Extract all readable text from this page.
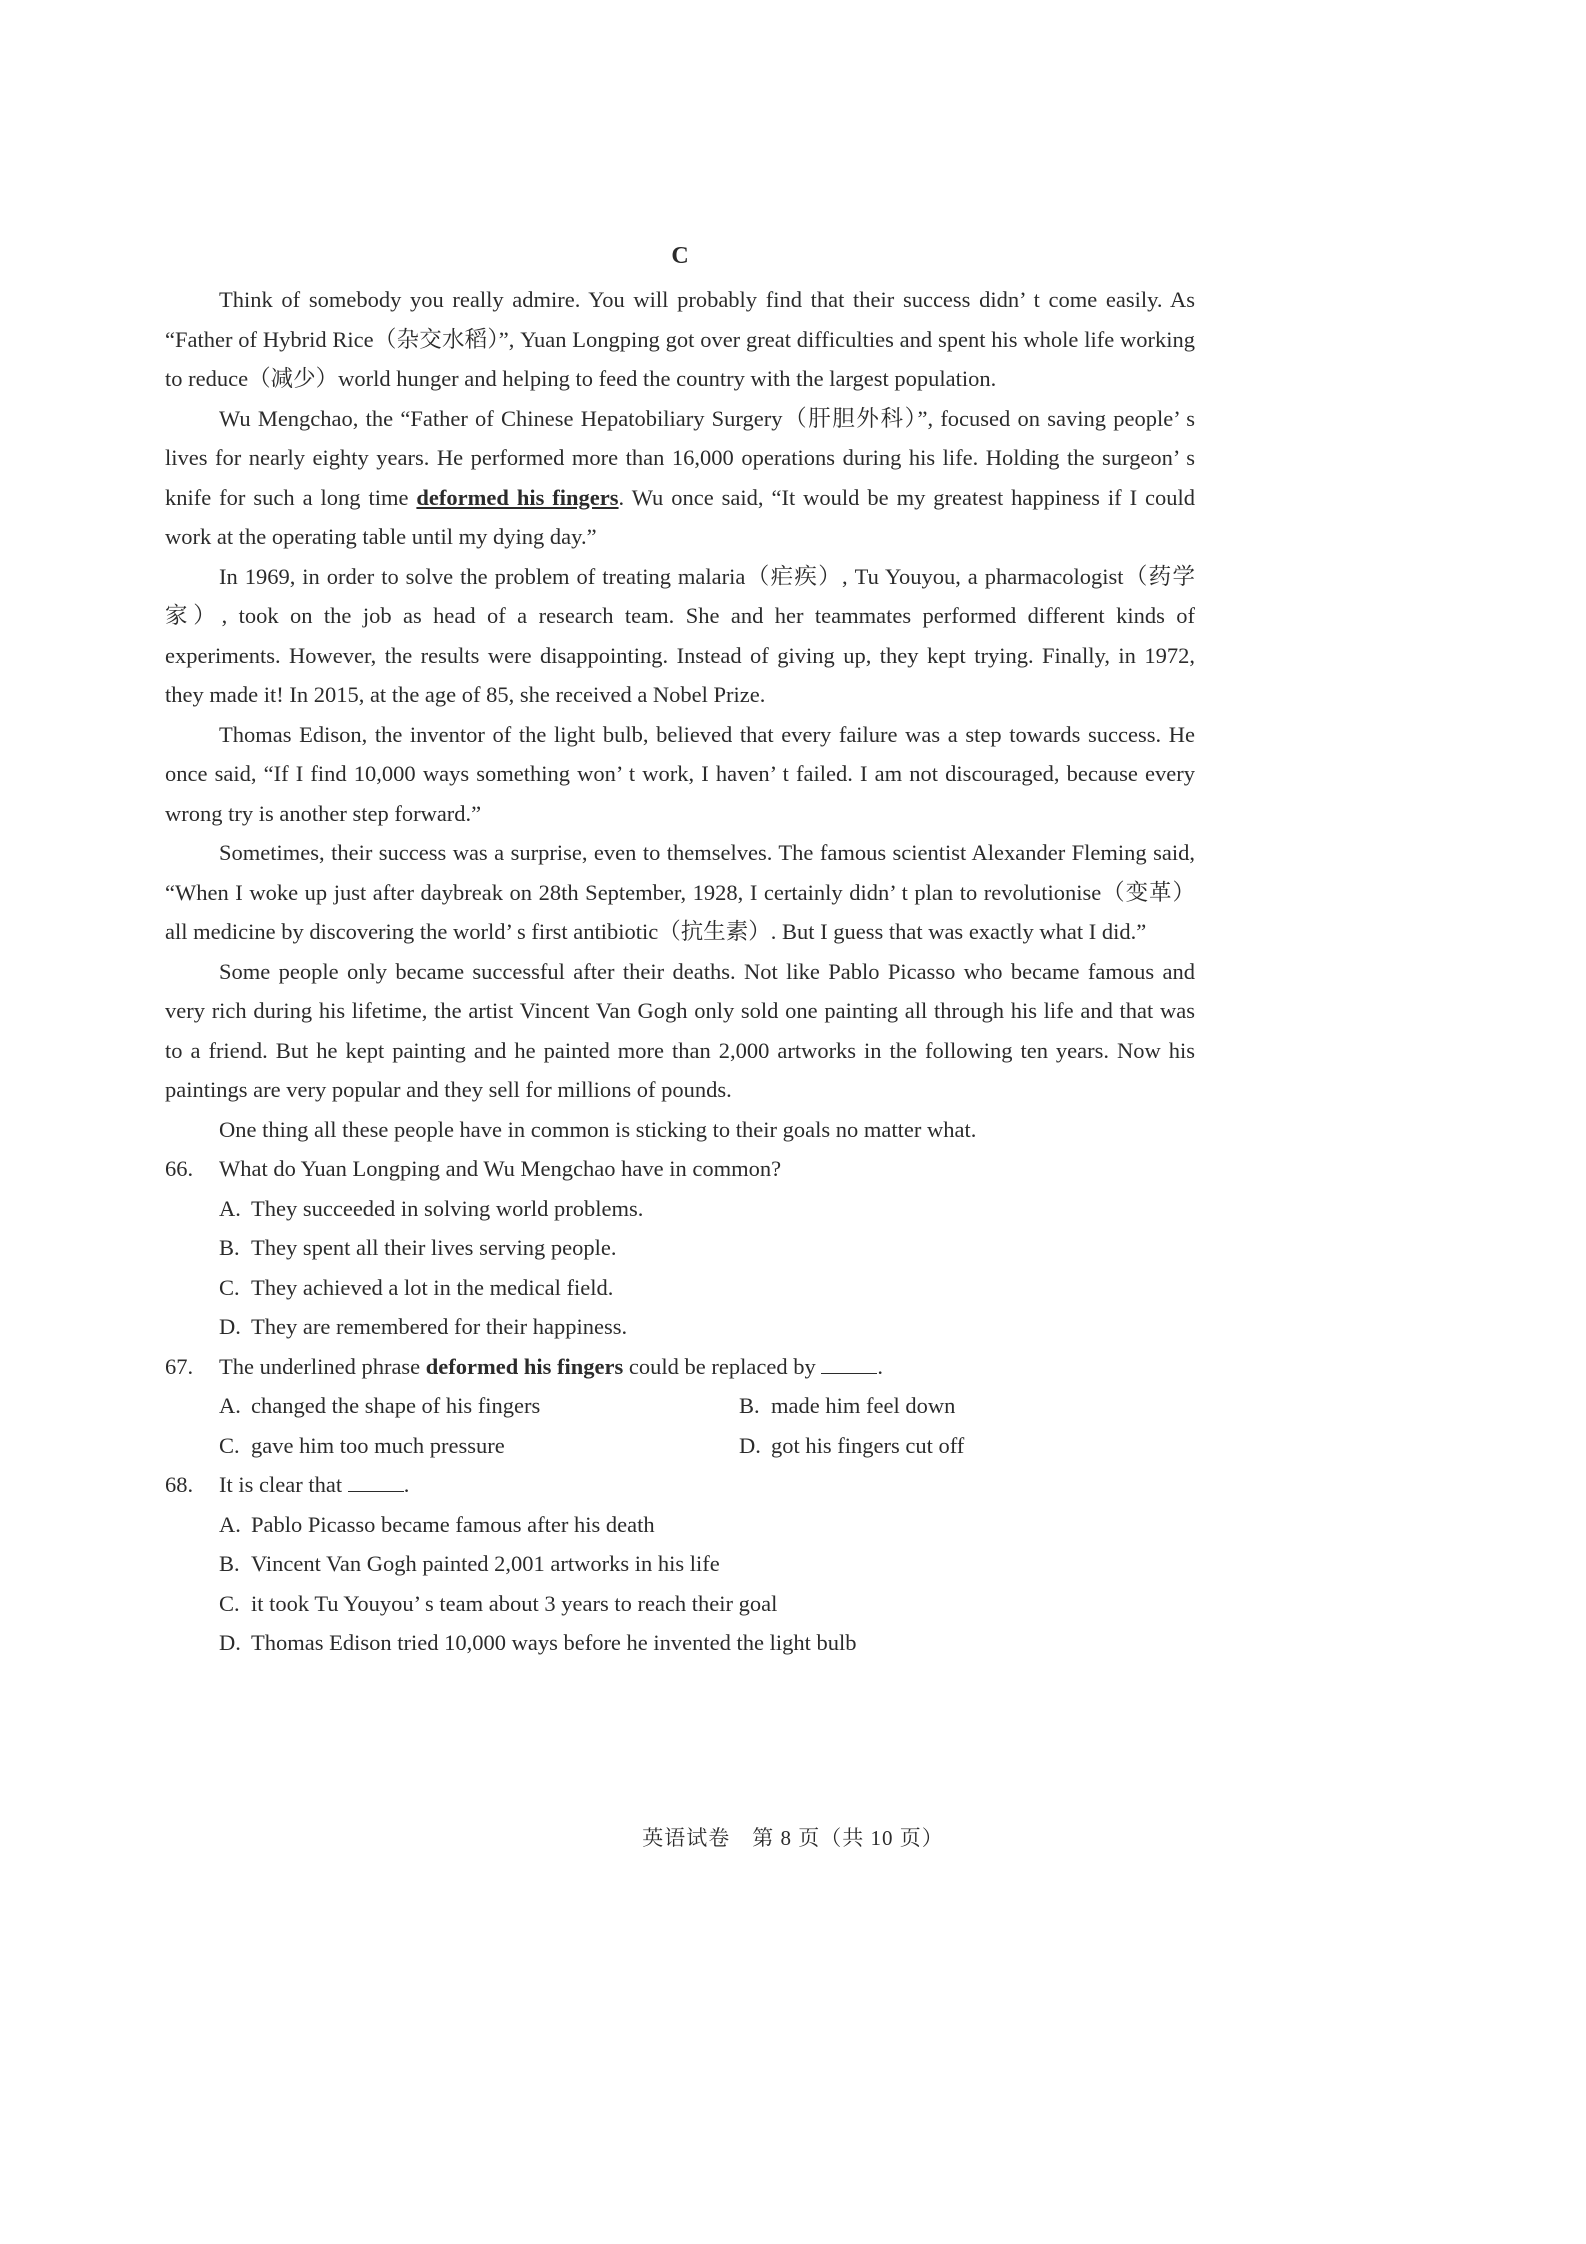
C

Think of somebody you really admire. You will probably find that their success didn’ t come easily. As “Father of Hybrid Rice（杂交水稻）”, Yuan Longping got over great difficulties and spent his whole life working to reduce（减少）world hunger and helping to feed the country with the largest population.

Wu Mengchao, the “Father of Chinese Hepatobiliary Surgery（肝胆外科）”, focused on saving people’ s lives for nearly eighty years. He performed more than 16,000 operations during his life. Holding the surgeon’ s knife for such a long time deformed his fingers. Wu once said, “It would be my greatest happiness if I could work at the operating table until my dying day.”

In 1969, in order to solve the problem of treating malaria（疟疾）, Tu Youyou, a pharmacologist（药学家）, took on the job as head of a research team. She and her teammates performed different kinds of experiments. However, the results were disappointing. Instead of giving up, they kept trying. Finally, in 1972, they made it! In 2015, at the age of 85, she received a Nobel Prize.

Thomas Edison, the inventor of the light bulb, believed that every failure was a step towards success. He once said, “If I find 10,000 ways something won’ t work, I haven’ t failed. I am not discouraged, because every wrong try is another step forward.”

Sometimes, their success was a surprise, even to themselves. The famous scientist Alexander Fleming said, “When I woke up just after daybreak on 28th September, 1928, I certainly didn’ t plan to revolutionise（变革）all medicine by discovering the world’ s first antibiotic（抗生素）. But I guess that was exactly what I did.”

Some people only became successful after their deaths. Not like Pablo Picasso who became famous and very rich during his lifetime, the artist Vincent Van Gogh only sold one painting all through his life and that was to a friend. But he kept painting and he painted more than 2,000 artworks in the following ten years. Now his paintings are very popular and they sell for millions of pounds.

One thing all these people have in common is sticking to their goals no matter what.

66. What do Yuan Longping and Wu Mengchao have in common?
A. They succeeded in solving world problems.
B. They spent all their lives serving people.
C. They achieved a lot in the medical field.
D. They are remembered for their happiness.
67. The underlined phrase deformed his fingers could be replaced by	.
A. changed the shape of his fingers	B. made him feel down
C. gave him too much pressure	D. got his fingers cut off
68. It is clear that	.
A. Pablo Picasso became famous after his death
B. Vincent Van Gogh painted 2,001 artworks in his life
C. it took Tu Youyou’ s team about 3 years to reach their goal
D. Thomas Edison tried 10,000 ways before he invented the light bulb
英语试卷　第 8 页（共 10 页）
